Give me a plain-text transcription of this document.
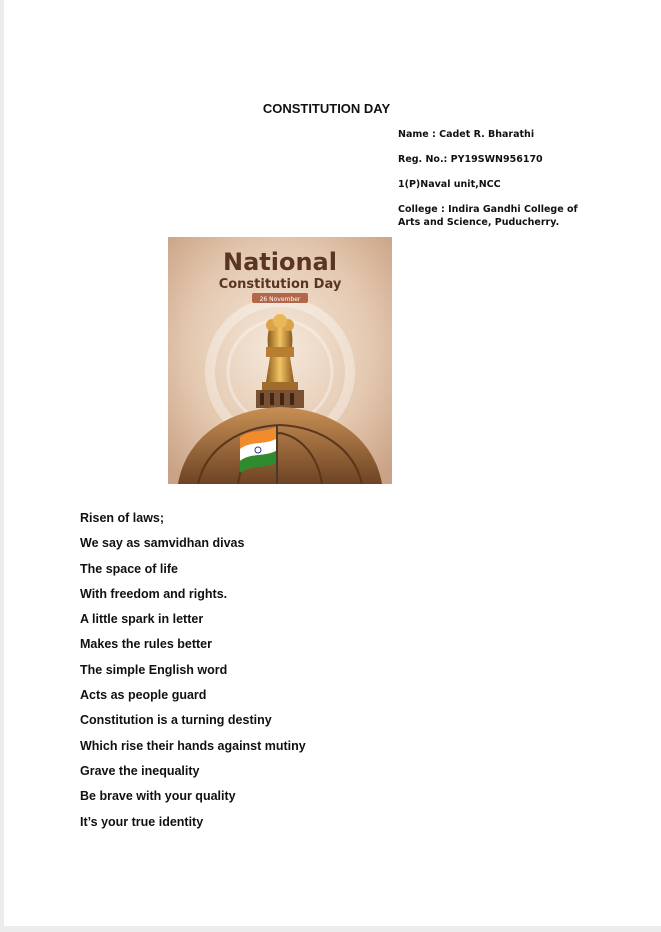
CONSTITUTION DAY
Name : Cadet R. Bharathi
Reg. No.: PY19SWN956170
1(P)Naval unit,NCC
College : Indira Gandhi College of
Arts and Science, Puducherry.
National
Constitution Day
26 November
Risen of laws;
We say as samvidhan divas
The space of life
With freedom and rights.
A little spark in letter
Makes the rules better
The simple English word
Acts as people guard
Constitution is a turning destiny
Which rise their hands against mutiny
Grave the inequality
Be brave with your quality
It’s your true identity
